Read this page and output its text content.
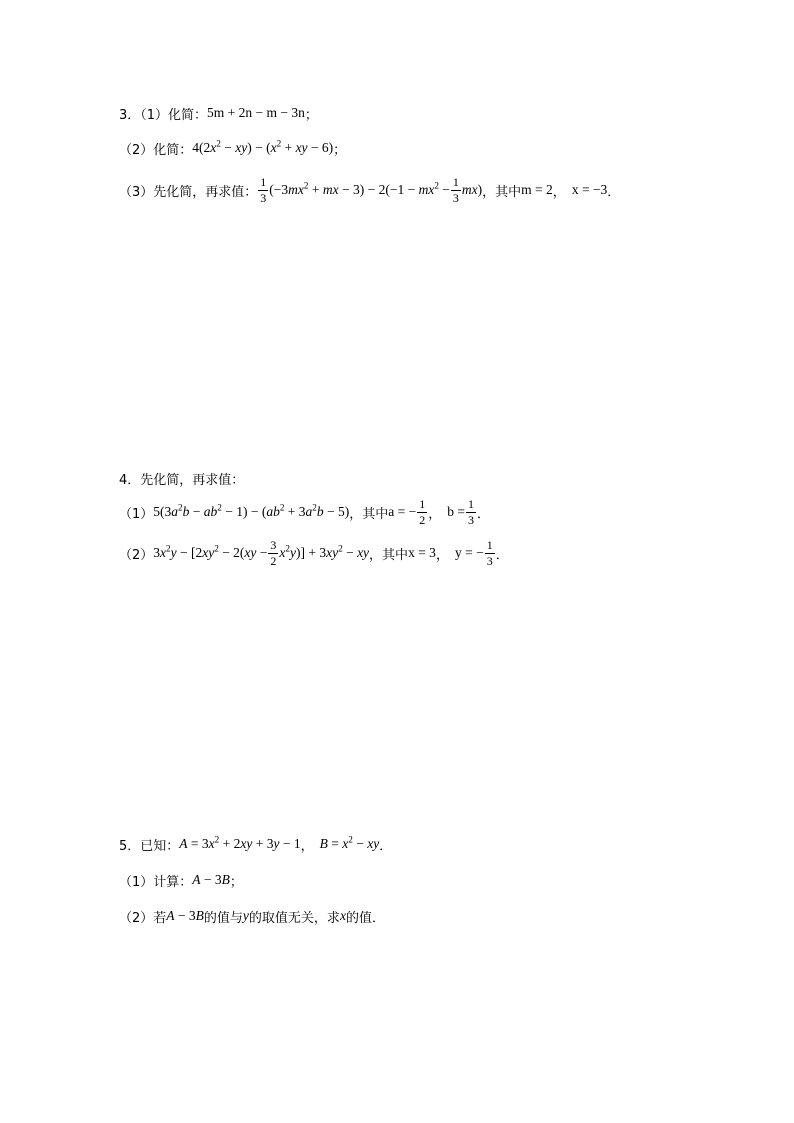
3．（1）化简： 5m + 2n − m − 3n ；
（2）化简： $4(2x^2 - xy) - (x^2$ + xy − 6) ；
（3）先化简，再求值： $\frac{1}{3} (-3mx^2$ + mx − $3) - 2(-1 - mx^2 - \frac{1}{3} mx)$ ，其中 m = 2 ， x = −3 ．
4．先化简，再求值：
（1） $5(3a^2b - ab^2 - 1) - (ab^2 + 3a^2b - 5)$ ，其中 a = − $\frac{1}{2}$ ， $b = \frac{1}{3}$ ．
（2） $3x^2y - [2xy^2 - 2(xy - \frac{3}{2} x^2y)] + 3xy^2$ − xy ，其中 x = 3 ， y = − $\frac{1}{3}$ ．
5．已知： $A = 3x^2 + 2xy + 3y - 1$ ， $B = x^2$ − xy ．
（1）计算： A − 3B ；
（2）若 A − 3B 的值与 y 的取值无关，求 x 的值．
